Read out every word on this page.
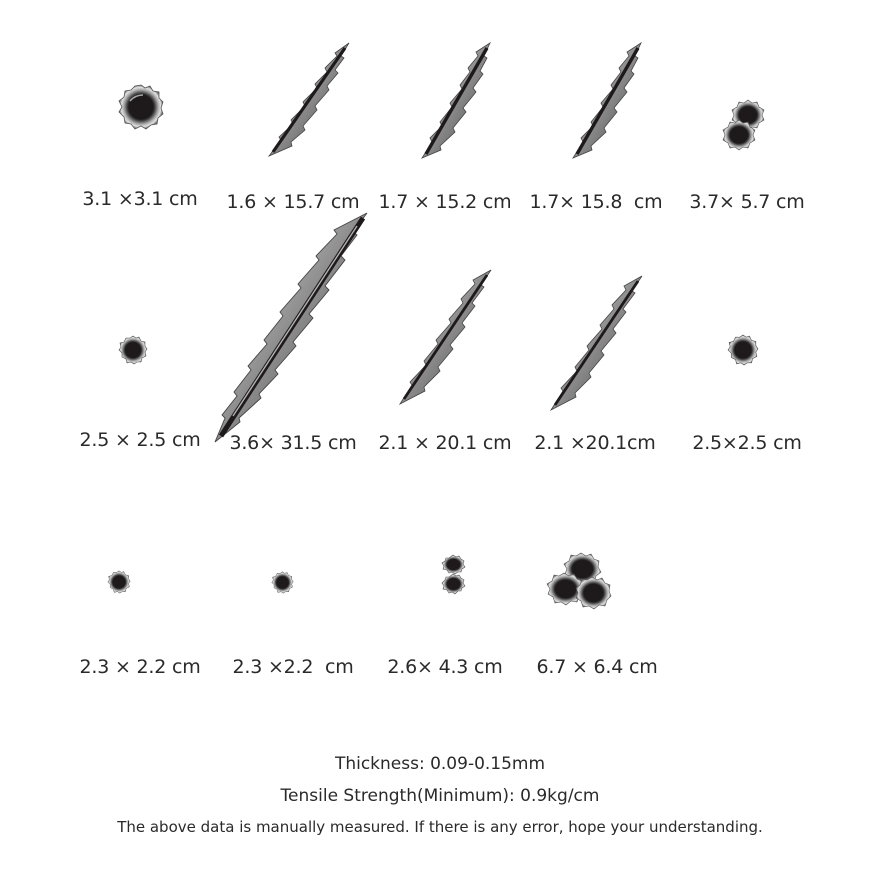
3.1 ×3.1 cm	1.6 × 15.7 cm	1.7 × 15.2 cm 1.7× 15.8  cm	3.7× 5.7 cm
2.5 × 2.5 cm	3.6× 31.5 cm	2.1 × 20.1 cm	2.1 ×20.1cm	2.5×2.5 cm
2.3 × 2.2 cm	2.3 ×2.2  cm	2.6× 4.3 cm	6.7 × 6.4 cm
Thickness: 0.09-0.15mm
Tensile Strength(Minimum): 0.9kg/cm
The above data is manually measured. If there is any error, hope your understanding.
